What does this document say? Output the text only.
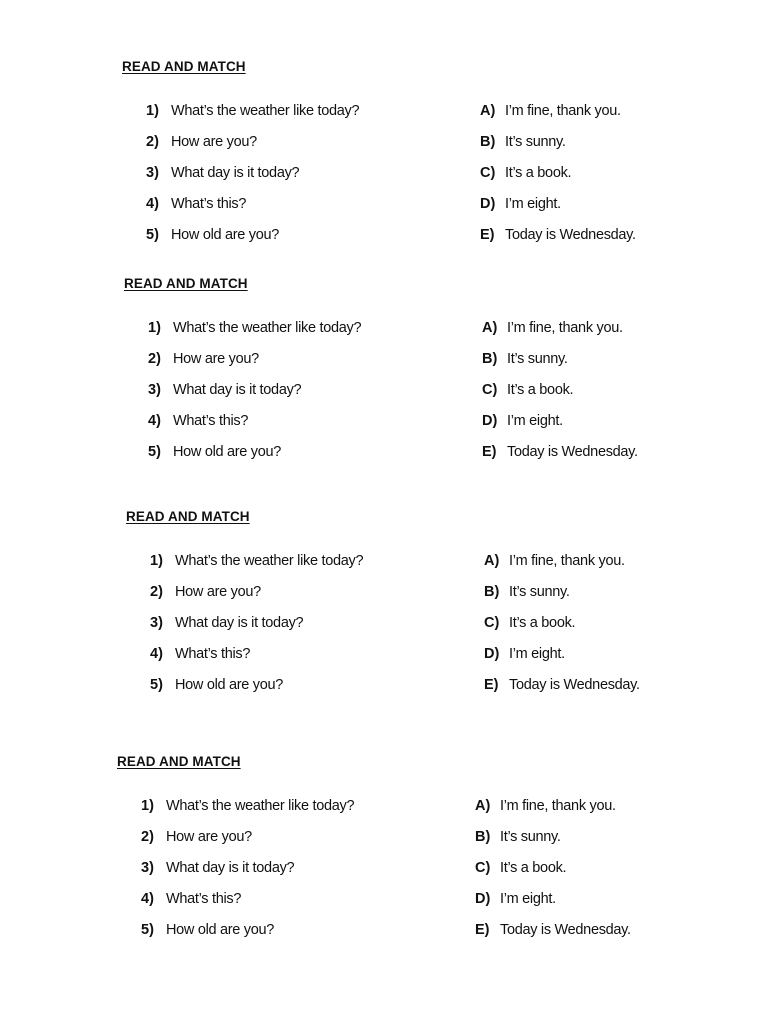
READ AND MATCH
1) What’s the weather like today?	A) I’m fine, thank you.
2) How are you?	B) It’s sunny.
3) What day is it today?	C) It’s a book.
4) What’s this?	D) I’m eight.
5) How old are you?	E) Today is Wednesday.
READ AND MATCH
1) What’s the weather like today?	A) I’m fine, thank you.
2) How are you?	B) It’s sunny.
3) What day is it today?	C) It’s a book.
4) What’s this?	D) I’m eight.
5) How old are you?	E) Today is Wednesday.
READ AND MATCH
1) What’s the weather like today?	A) I’m fine, thank you.
2) How are you?	B) It’s sunny.
3) What day is it today?	C) It’s a book.
4) What’s this?	D) I’m eight.
5) How old are you?	E) Today is Wednesday.
READ AND MATCH
1) What’s the weather like today?	A) I’m fine, thank you.
2) How are you?	B) It’s sunny.
3) What day is it today?	C) It’s a book.
4) What’s this?	D) I’m eight.
5) How old are you?	E) Today is Wednesday.
